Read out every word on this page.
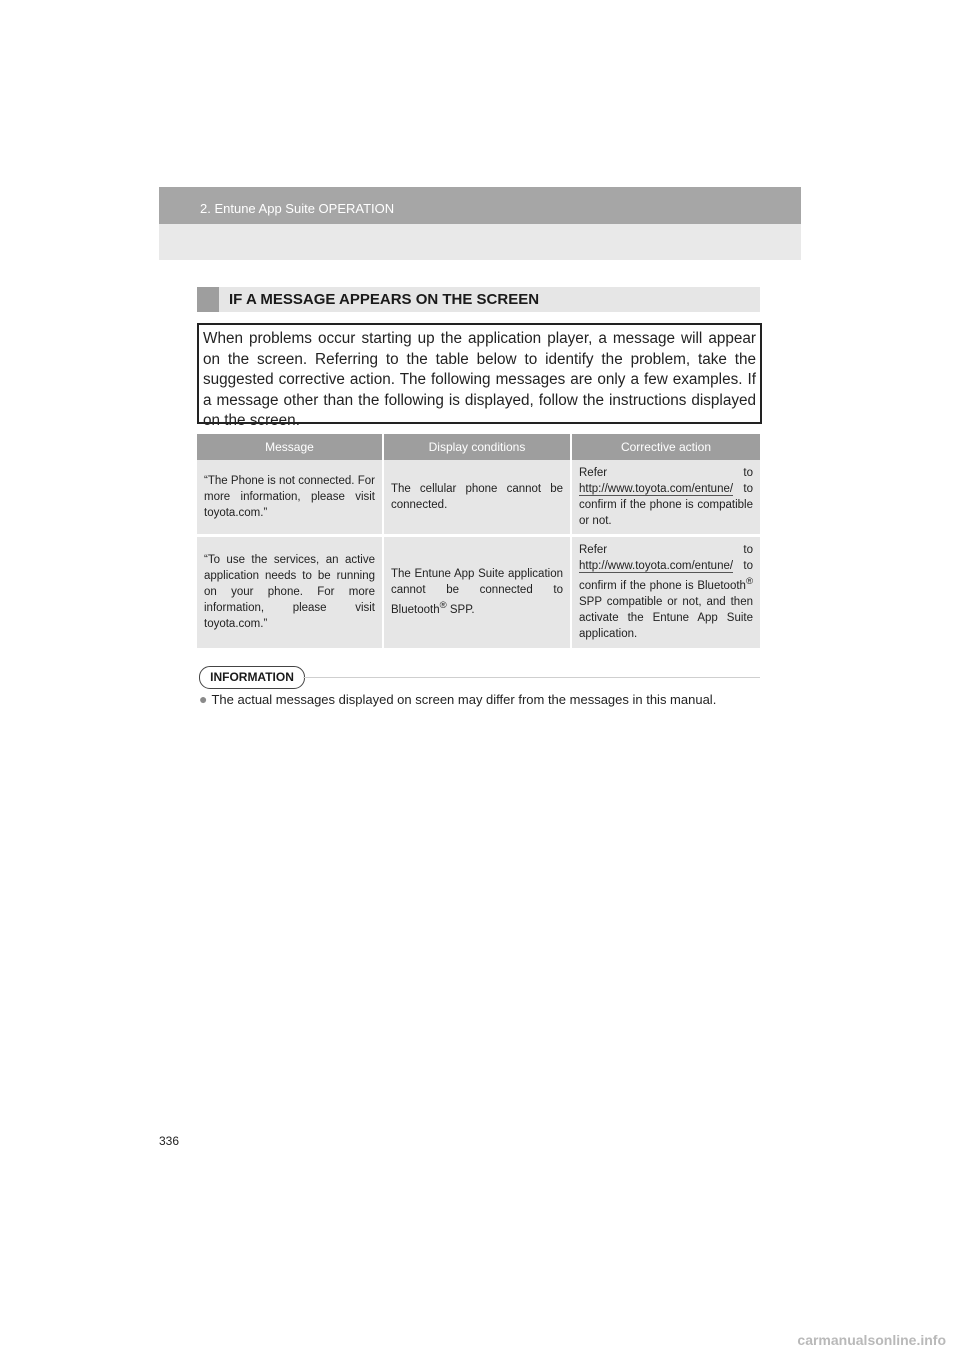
2. Entune App Suite OPERATION
IF A MESSAGE APPEARS ON THE SCREEN

When problems occur starting up the application player, a message will appear on the screen. Referring to the table below to identify the problem, take the suggested corrective action. The following messages are only a few examples. If a message other than the following is displayed, follow the instructions displayed on the screen.

Message	Display conditions	Corrective action
“The Phone is not connected. For more information, please visit toyota.com.”	The cellular phone cannot be connected.	Refer to http://www.toyota.com/entune/ to confirm if the phone is compatible or not.
“To use the services, an active application needs to be running on your phone. For more information, please visit toyota.com.”	The Entune App Suite application cannot be connected to Bluetooth® SPP.	Refer to http://www.toyota.com/entune/ to confirm if the phone is Bluetooth® SPP compatible or not, and then activate the Entune App Suite application.
INFORMATION
● The actual messages displayed on screen may differ from the messages in this manual.
336
carmanualsonline.info
